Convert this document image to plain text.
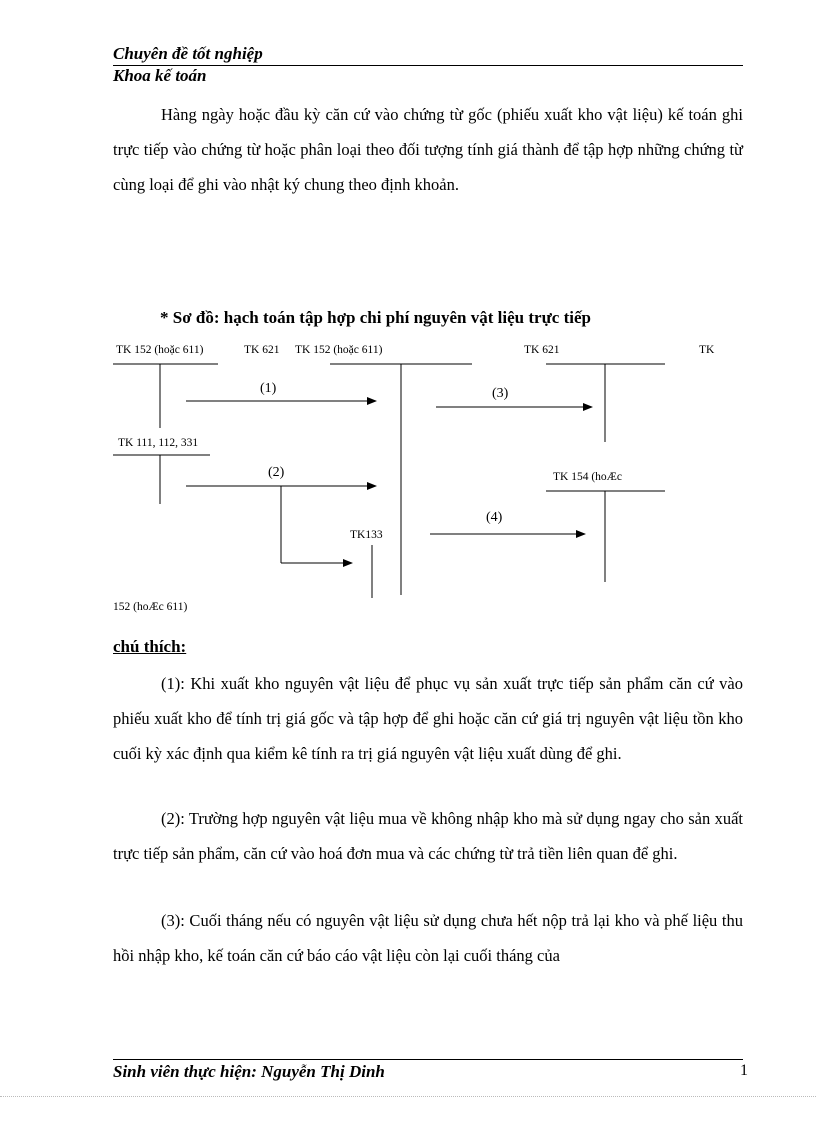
Chuyên đề tốt nghiệp
Khoa kế toán
Hàng ngày hoặc đầu kỳ căn cứ vào chứng từ gốc (phiếu xuất kho vật liệu) kế toán ghi trực tiếp vào chứng từ hoặc phân loại theo đối tượng tính giá thành để tập hợp những chứng từ cùng loại để ghi vào nhật ký chung theo định khoản.
* Sơ đồ: hạch toán tập hợp chi phí nguyên vật liệu trực tiếp
TK 152 (hoặc 611)	TK 621 TK 152 (hoặc 611)	TK 621	TK
TK 111, 112, 331
TK 154 (hoÆc
TK133
152 (hoÆc 611)
(1)
(2)
(3)
(4)
chú thích:
(1): Khi xuất kho nguyên vật liệu để phục vụ sản xuất trực tiếp sản phẩm căn cứ vào phiếu xuất kho để tính trị giá gốc và tập hợp để ghi hoặc căn cứ giá trị nguyên vật liệu tồn kho cuối kỳ xác định qua kiểm kê tính ra trị giá nguyên vật liệu xuất dùng để ghi.
(2): Trường hợp nguyên vật liệu mua về không nhập kho mà sử dụng ngay cho sản xuất trực tiếp sản phẩm, căn cứ vào hoá đơn mua và các chứng từ trả tiền liên quan để ghi.
(3): Cuối tháng nếu có nguyên vật liệu sử dụng chưa hết nộp trả lại kho và phế liệu thu hồi nhập kho, kế toán căn cứ báo cáo vật liệu còn lại cuối tháng của
Sinh viên thực hiện: Nguyễn Thị Dinh	1
